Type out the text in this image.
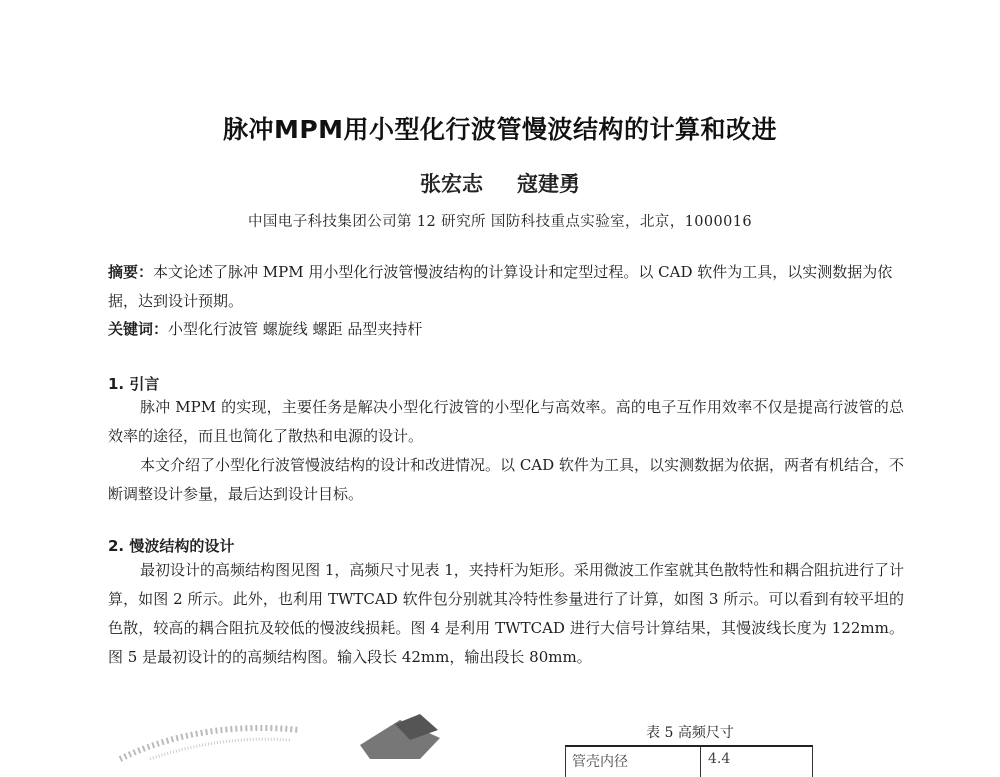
脉冲MPM用小型化行波管慢波结构的计算和改进
张宏志 寇建勇
中国电子科技集团公司第 12 研究所 国防科技重点实验室，北京，1000016
摘要：本文论述了脉冲 MPM 用小型化行波管慢波结构的计算设计和定型过程。以 CAD 软件为工具，以实测数据为依据，达到设计预期。
关键词：小型化行波管 螺旋线 螺距 品型夹持杆
1. 引言

脉冲 MPM 的实现，主要任务是解决小型化行波管的小型化与高效率。高的电子互作用效率不仅是提高行波管的总效率的途径，而且也简化了散热和电源的设计。

本文介绍了小型化行波管慢波结构的设计和改进情况。以 CAD 软件为工具，以实测数据为依据，两者有机结合，不断调整设计参量，最后达到设计目标。

2. 慢波结构的设计

最初设计的高频结构图见图 1，高频尺寸见表 1，夹持杆为矩形。采用微波工作室就其色散特性和耦合阻抗进行了计算，如图 2 所示。此外，也利用 TWTCAD 软件包分别就其冷特性参量进行了计算，如图 3 所示。可以看到有较平坦的色散，较高的耦合阻抗及较低的慢波线损耗。图 4 是利用 TWTCAD 进行大信号计算结果，其慢波线长度为 122mm。图 5 是最初设计的的高频结构图。输入段长 42mm，输出段长 80mm。

表 5 高频尺寸
管壳内径	4.4
